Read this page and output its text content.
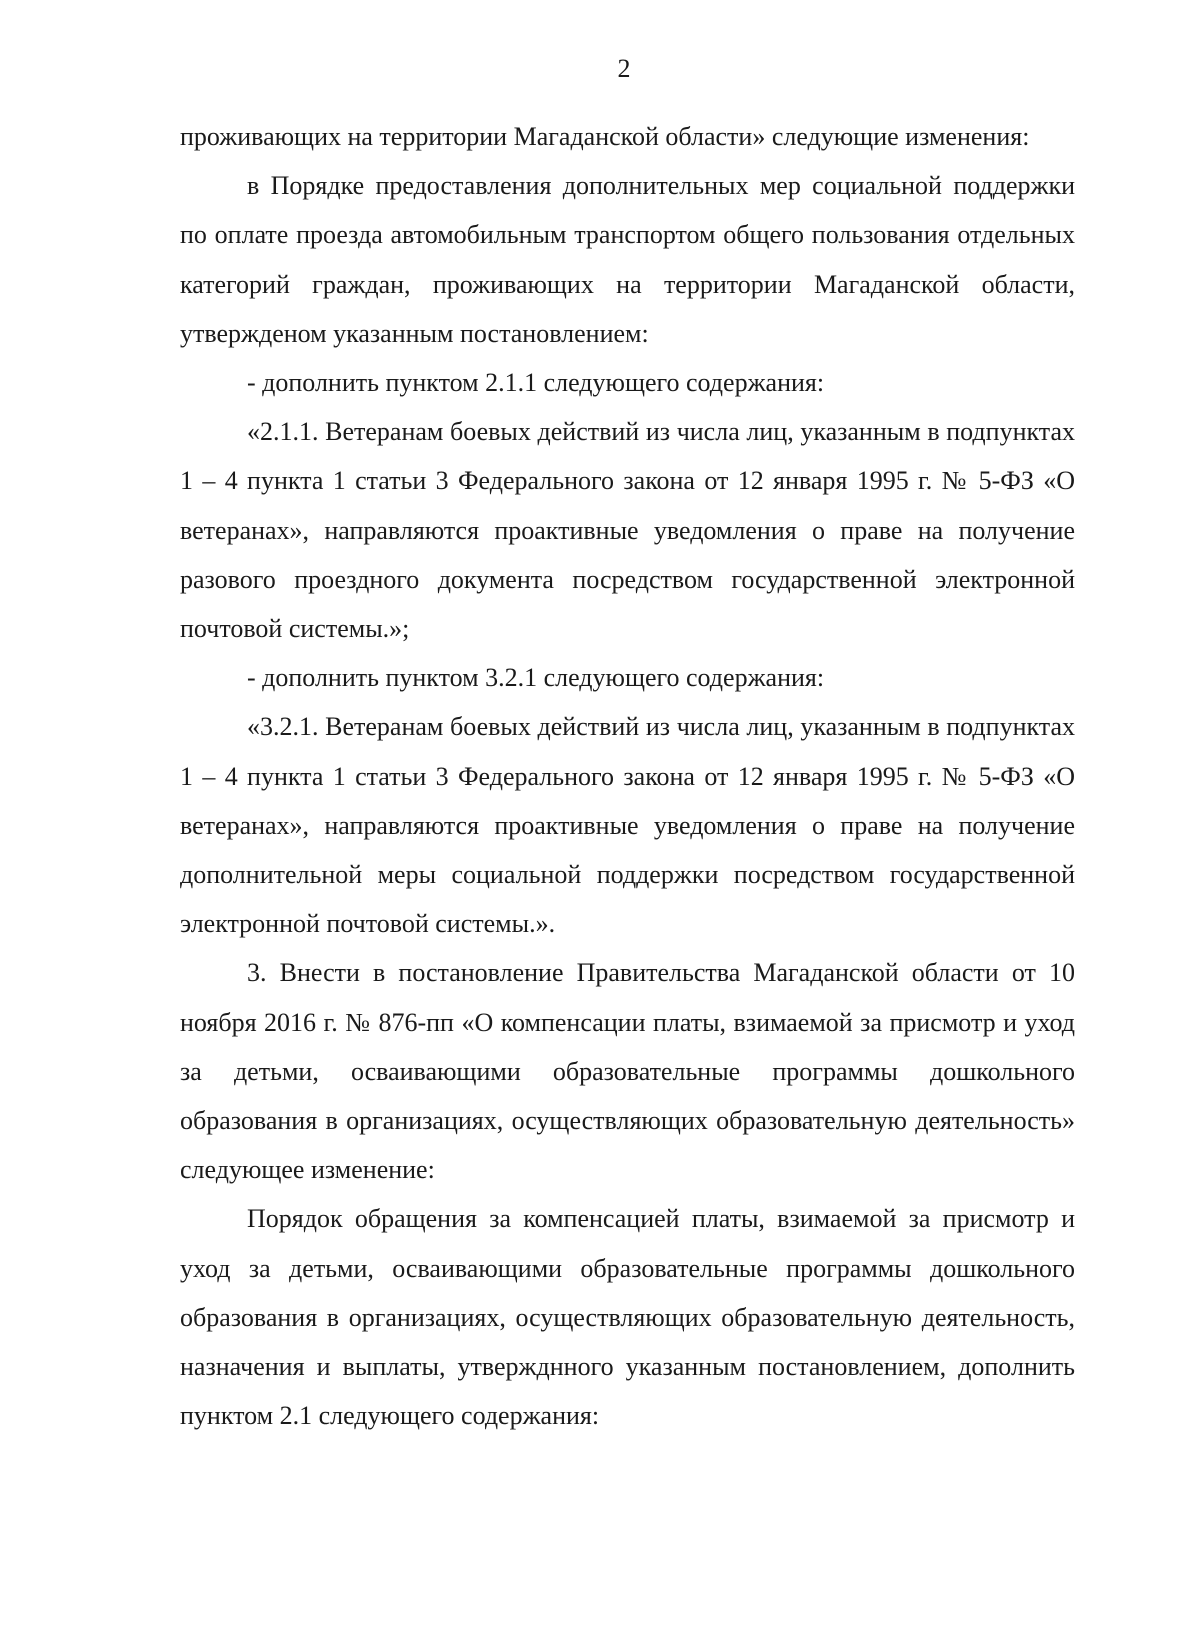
2

проживающих на территории Магаданской области» следующие изменения:

в Порядке предоставления дополнительных мер социальной поддержки по оплате проезда автомобильным транспортом общего пользования отдельных категорий граждан, проживающих на территории Магаданской области, утвержденом указанным постановлением:

- дополнить пунктом 2.1.1 следующего содержания:

«2.1.1. Ветеранам боевых действий из числа лиц, указанным в подпунктах 1 – 4 пункта 1 статьи 3 Федерального закона от 12 января 1995 г. № 5-ФЗ «О ветеранах», направляются проактивные уведомления о праве на получение разового проездного документа посредством государственной электронной почтовой системы.»;

- дополнить пунктом 3.2.1 следующего содержания:

«3.2.1. Ветеранам боевых действий из числа лиц, указанным в подпунктах 1 – 4 пункта 1 статьи 3 Федерального закона от 12 января 1995 г. № 5-ФЗ «О ветеранах», направляются проактивные уведомления о праве на получение дополнительной меры социальной поддержки посредством государственной электронной почтовой системы.».

3. Внести в постановление Правительства Магаданской области от 10 ноября 2016 г. № 876-пп «О компенсации платы, взимаемой за присмотр и уход за детьми, осваивающими образовательные программы дошкольного образования в организациях, осуществляющих образовательную деятельность» следующее изменение:

Порядок обращения за компенсацией платы, взимаемой за присмотр и уход за детьми, осваивающими образовательные программы дошкольного образования в организациях, осуществляющих образовательную деятельность, назначения и выплаты, утвержднного указанным постановлением, дополнить пунктом 2.1 следующего содержания:
